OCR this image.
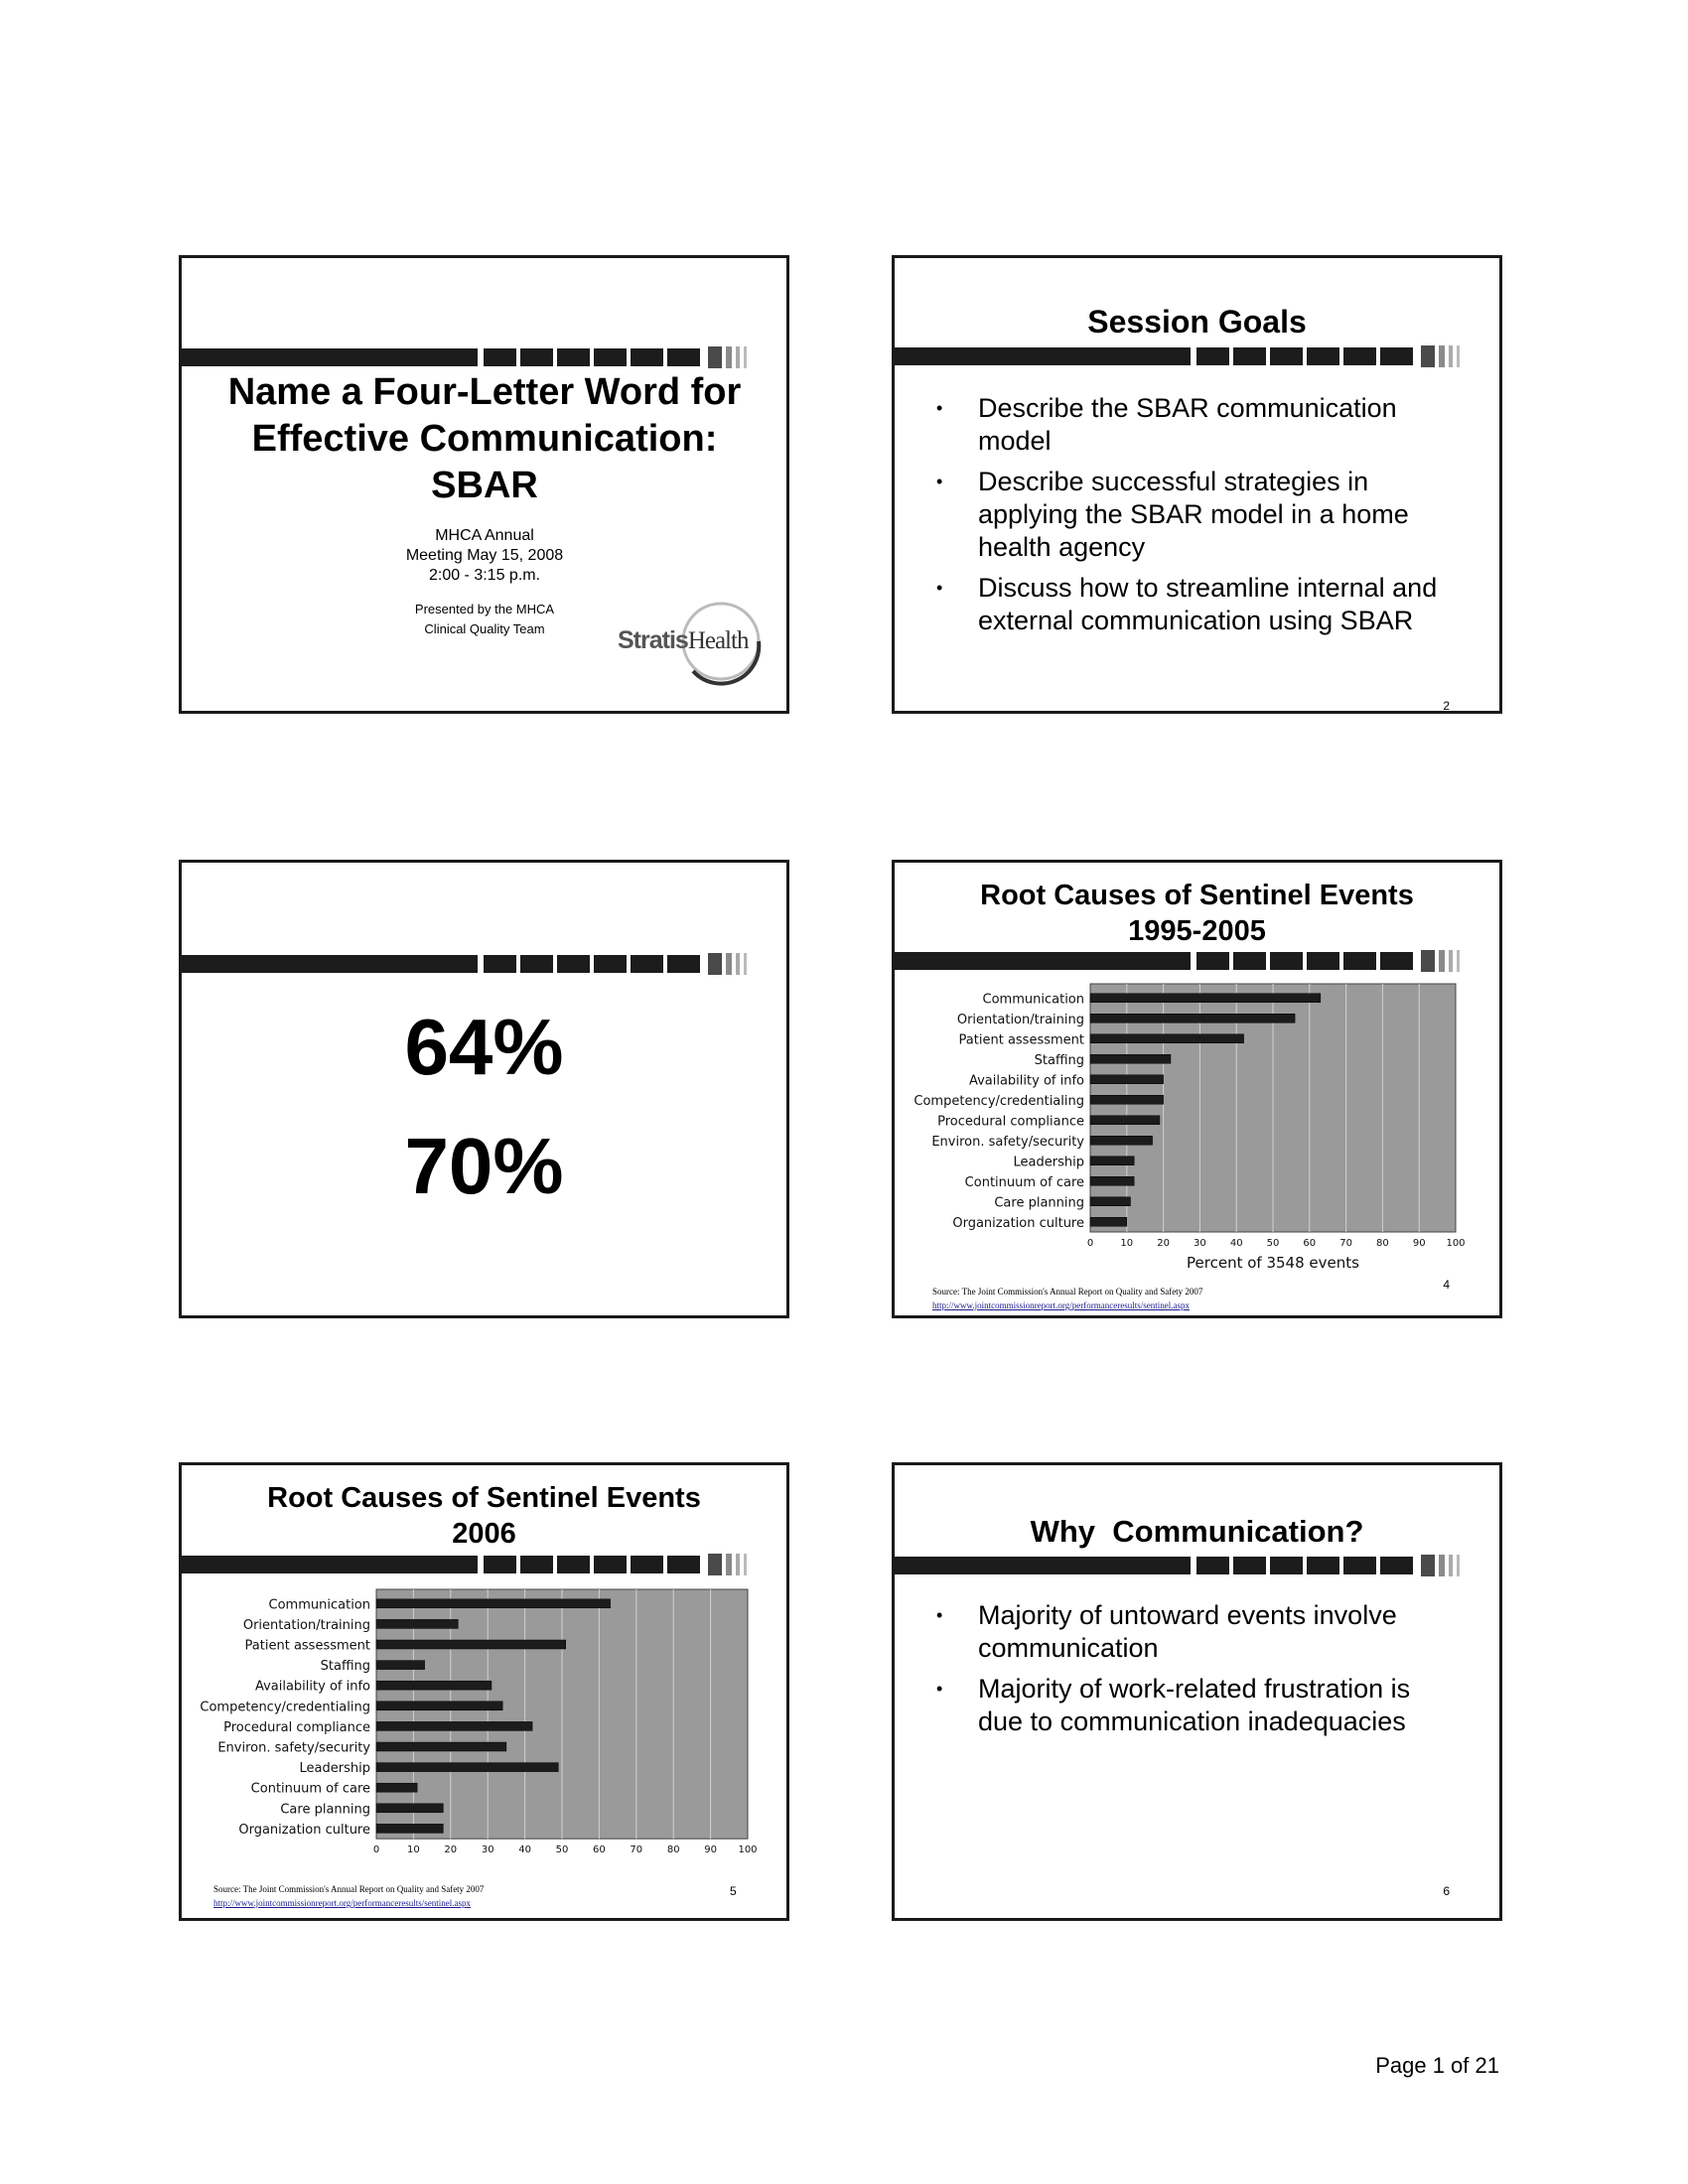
Name a Four-Letter Word for Effective Communication: SBAR
MHCA Annual
Meeting May 15, 2008
2:00 - 3:15 p.m.
Presented by the MHCA
Clinical Quality Team	StratisHealth
Session Goals
• Describe the SBAR communication model
• Describe successful strategies in applying the SBAR model in a home health agency
• Discuss how to streamline internal and external communication using SBAR
2
64%
70%
Root Causes of Sentinel Events
1995-2005
Communication
Orientation/training
Patient assessment
Staffing
Availability of info
Competency/credentialing
Procedural compliance
Environ. safety/security
Leadership
Continuum of care
Care planning
Organization culture
0	10 20 30 40 50 60 70 80 90 100
Percent of 3548 events
Source: The Joint Commission's Annual Report on Quality and Safety 2007
http://www.jointcommissionreport.org/performanceresults/sentinel.aspx
4
Root Causes of Sentinel Events
2006
Communication
Orientation/training
Patient assessment
Staffing
Availability of info
Competency/credentialing
Procedural compliance
Environ. safety/security
Leadership
Continuum of care
Care planning
Organization culture
0	10 20 30 40 50 60 70 80 90 100
Source: The Joint Commission's Annual Report on Quality and Safety 2007
http://www.jointcommissionreport.org/performanceresults/sentinel.aspx
5
Why  Communication?
• Majority of untoward events involve communication
• Majority of work-related frustration is due to communication inadequacies
6
Page 1 of 21
